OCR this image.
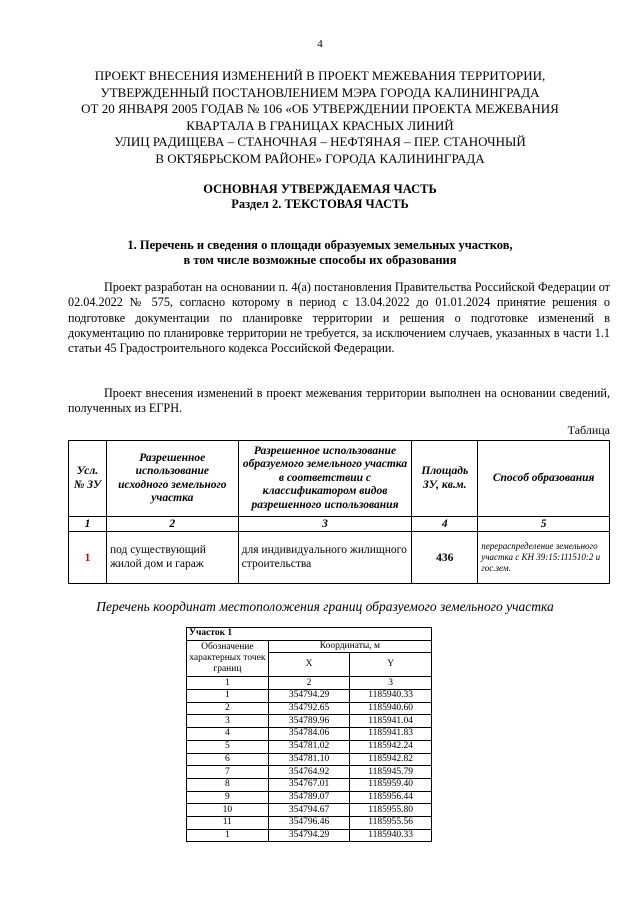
4
ПРОЕКТ ВНЕСЕНИЯ ИЗМЕНЕНИЙ В ПРОЕКТ МЕЖЕВАНИЯ ТЕРРИТОРИИ,
УТВЕРЖДЕННЫЙ ПОСТАНОВЛЕНИЕМ МЭРА ГОРОДА КАЛИНИНГРАДА
ОТ 20 ЯНВАРЯ 2005 ГОДАВ № 106 «ОБ УТВЕРЖДЕНИИ ПРОЕКТА МЕЖЕВАНИЯ
КВАРТАЛА В ГРАНИЦАХ КРАСНЫХ ЛИНИЙ
УЛИЦ РАДИЩЕВА – СТАНОЧНАЯ – НЕФТЯНАЯ – ПЕР. СТАНОЧНЫЙ
В ОКТЯБРЬСКОМ РАЙОНЕ» ГОРОДА КАЛИНИНГРАДА
ОСНОВНАЯ УТВЕРЖДАЕМАЯ ЧАСТЬ
Раздел 2. ТЕКСТОВАЯ ЧАСТЬ
1. Перечень и сведения о площади образуемых земельных участков,
в том числе возможные способы их образования
Проект разработан на основании п. 4(а) постановления Правительства Российской Федерации от 02.04.2022 № 575, согласно которому в период с 13.04.2022 до 01.01.2024 принятие решения о подготовке документации по планировке территории и решения о подготовке изменений в документацию по планировке территории не требуется, за исключением случаев, указанных в части 1.1 статьи 45 Градостроительного кодекса Российской Федерации.
Проект внесения изменений в проект межевания территории выполнен на основании сведений, полученных из ЕГРН.
Таблица
Усл. № ЗУ	Разрешенное использование исходного земельного участка	Разрешенное использование образуемого земельного участка в соответствии с классификатором видов разрешенного использования	Площадь ЗУ, кв.м.	Способ образования
1	2	3	4	5
1	под существующий жилой дом и гараж	для индивидуального жилищного строительства	436	перераспределение земельного участка с КН 39:15:111510:2 и гос.зем.
Перечень координат местоположения границ образуемого земельного участка
Участок 1		
Обозначение характерных точек границ	Координаты, м	
	X	Y
1	2	3
1	354794.29	1185940.33
2	354792.65	1185940.60
3	354789.96	1185941.04
4	354784.06	1185941.83
5	354781.02	1185942.24
6	354781.10	1185942.82
7	354764.92	1185945.79
8	354767.01	1185959.40
9	354789.07	1185956.44
10	354794.67	1185955.80
11	354796.46	1185955.56
1	354794.29	1185940.33
